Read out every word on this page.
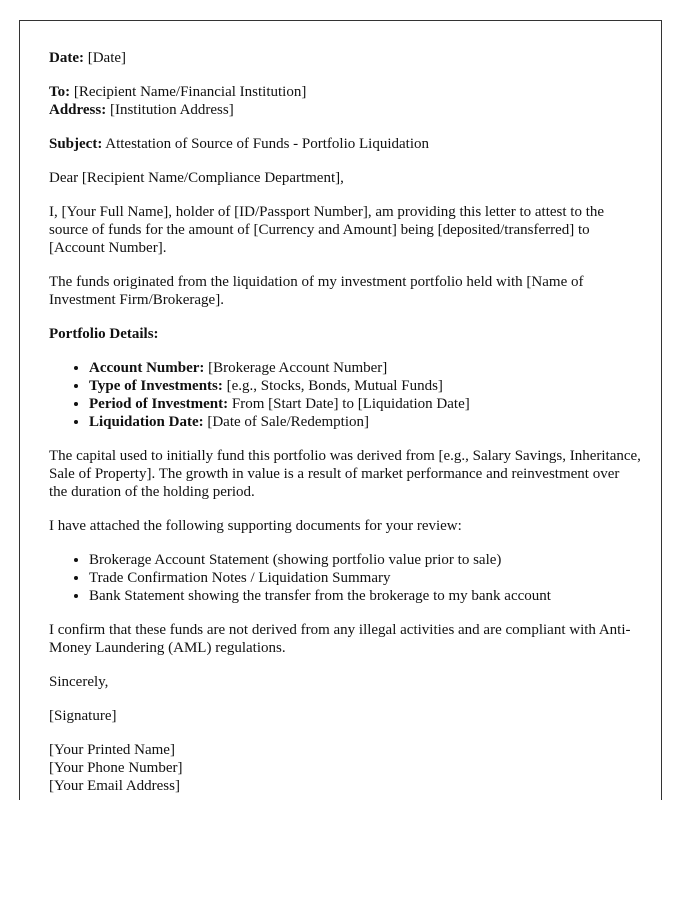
Date: [Date]

To: [Recipient Name/Financial Institution]
Address: [Institution Address]

Subject: Attestation of Source of Funds - Portfolio Liquidation

Dear [Recipient Name/Compliance Department],

I, [Your Full Name], holder of [ID/Passport Number], am providing this letter to attest to the source of funds for the amount of [Currency and Amount] being [deposited/transferred] to [Account Number].

The funds originated from the liquidation of my investment portfolio held with [Name of Investment Firm/Brokerage].

Portfolio Details:

• Account Number: [Brokerage Account Number]
• Type of Investments: [e.g., Stocks, Bonds, Mutual Funds]
• Period of Investment: From [Start Date] to [Liquidation Date]
• Liquidation Date: [Date of Sale/Redemption]

The capital used to initially fund this portfolio was derived from [e.g., Salary Savings, Inheritance, Sale of Property]. The growth in value is a result of market performance and reinvestment over the duration of the holding period.

I have attached the following supporting documents for your review:

• Brokerage Account Statement (showing portfolio value prior to sale)
• Trade Confirmation Notes / Liquidation Summary
• Bank Statement showing the transfer from the brokerage to my bank account

I confirm that these funds are not derived from any illegal activities and are compliant with Anti-Money Laundering (AML) regulations.

Sincerely,

[Signature]

[Your Printed Name]
[Your Phone Number]
[Your Email Address]
